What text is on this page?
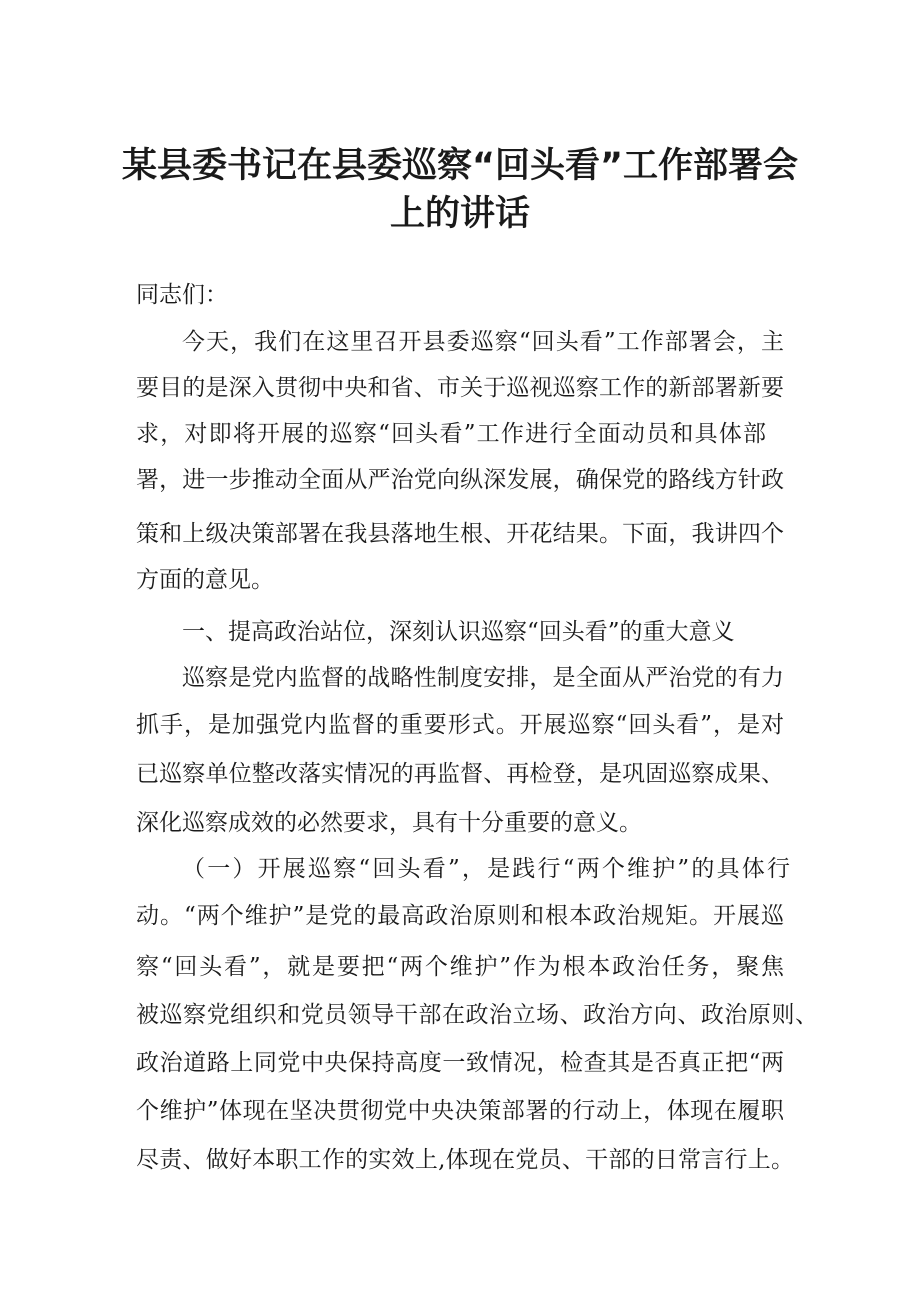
某县委书记在县委巡察“回头看”工作部署会
上的讲话

同志们：

今天，我们在这里召开县委巡察“回头看”工作部署会，主

要目的是深入贯彻中央和省、市关于巡视巡察工作的新部署新要

求，对即将开展的巡察“回头看”工作进行全面动员和具体部

署，进一步推动全面从严治党向纵深发展，确保党的路线方针政

策和上级决策部署在我县落地生根、开花结果。下面，我讲四个

方面的意见。

一、提高政治站位，深刻认识巡察“回头看”的重大意义

巡察是党内监督的战略性制度安排，是全面从严治党的有力

抓手，是加强党内监督的重要形式。开展巡察“回头看”，是对

已巡察单位整改落实情况的再监督、再检登，是巩固巡察成果、

深化巡察成效的必然要求，具有十分重要的意义。

（一）开展巡察“回头看”，是践行“两个维护”的具体行

动。“两个维护”是党的最高政治原则和根本政治规矩。开展巡

察“回头看”，就是要把“两个维护”作为根本政治任务，聚焦

被巡察党组织和党员领导干部在政治立场、政治方向、政治原则、

政治道路上同党中央保持高度一致情况，检查其是否真正把“两

个维护”体现在坚决贯彻党中央决策部署的行动上，体现在履职

尽责、做好本职工作的实效上,体现在党员、干部的日常言行上。
